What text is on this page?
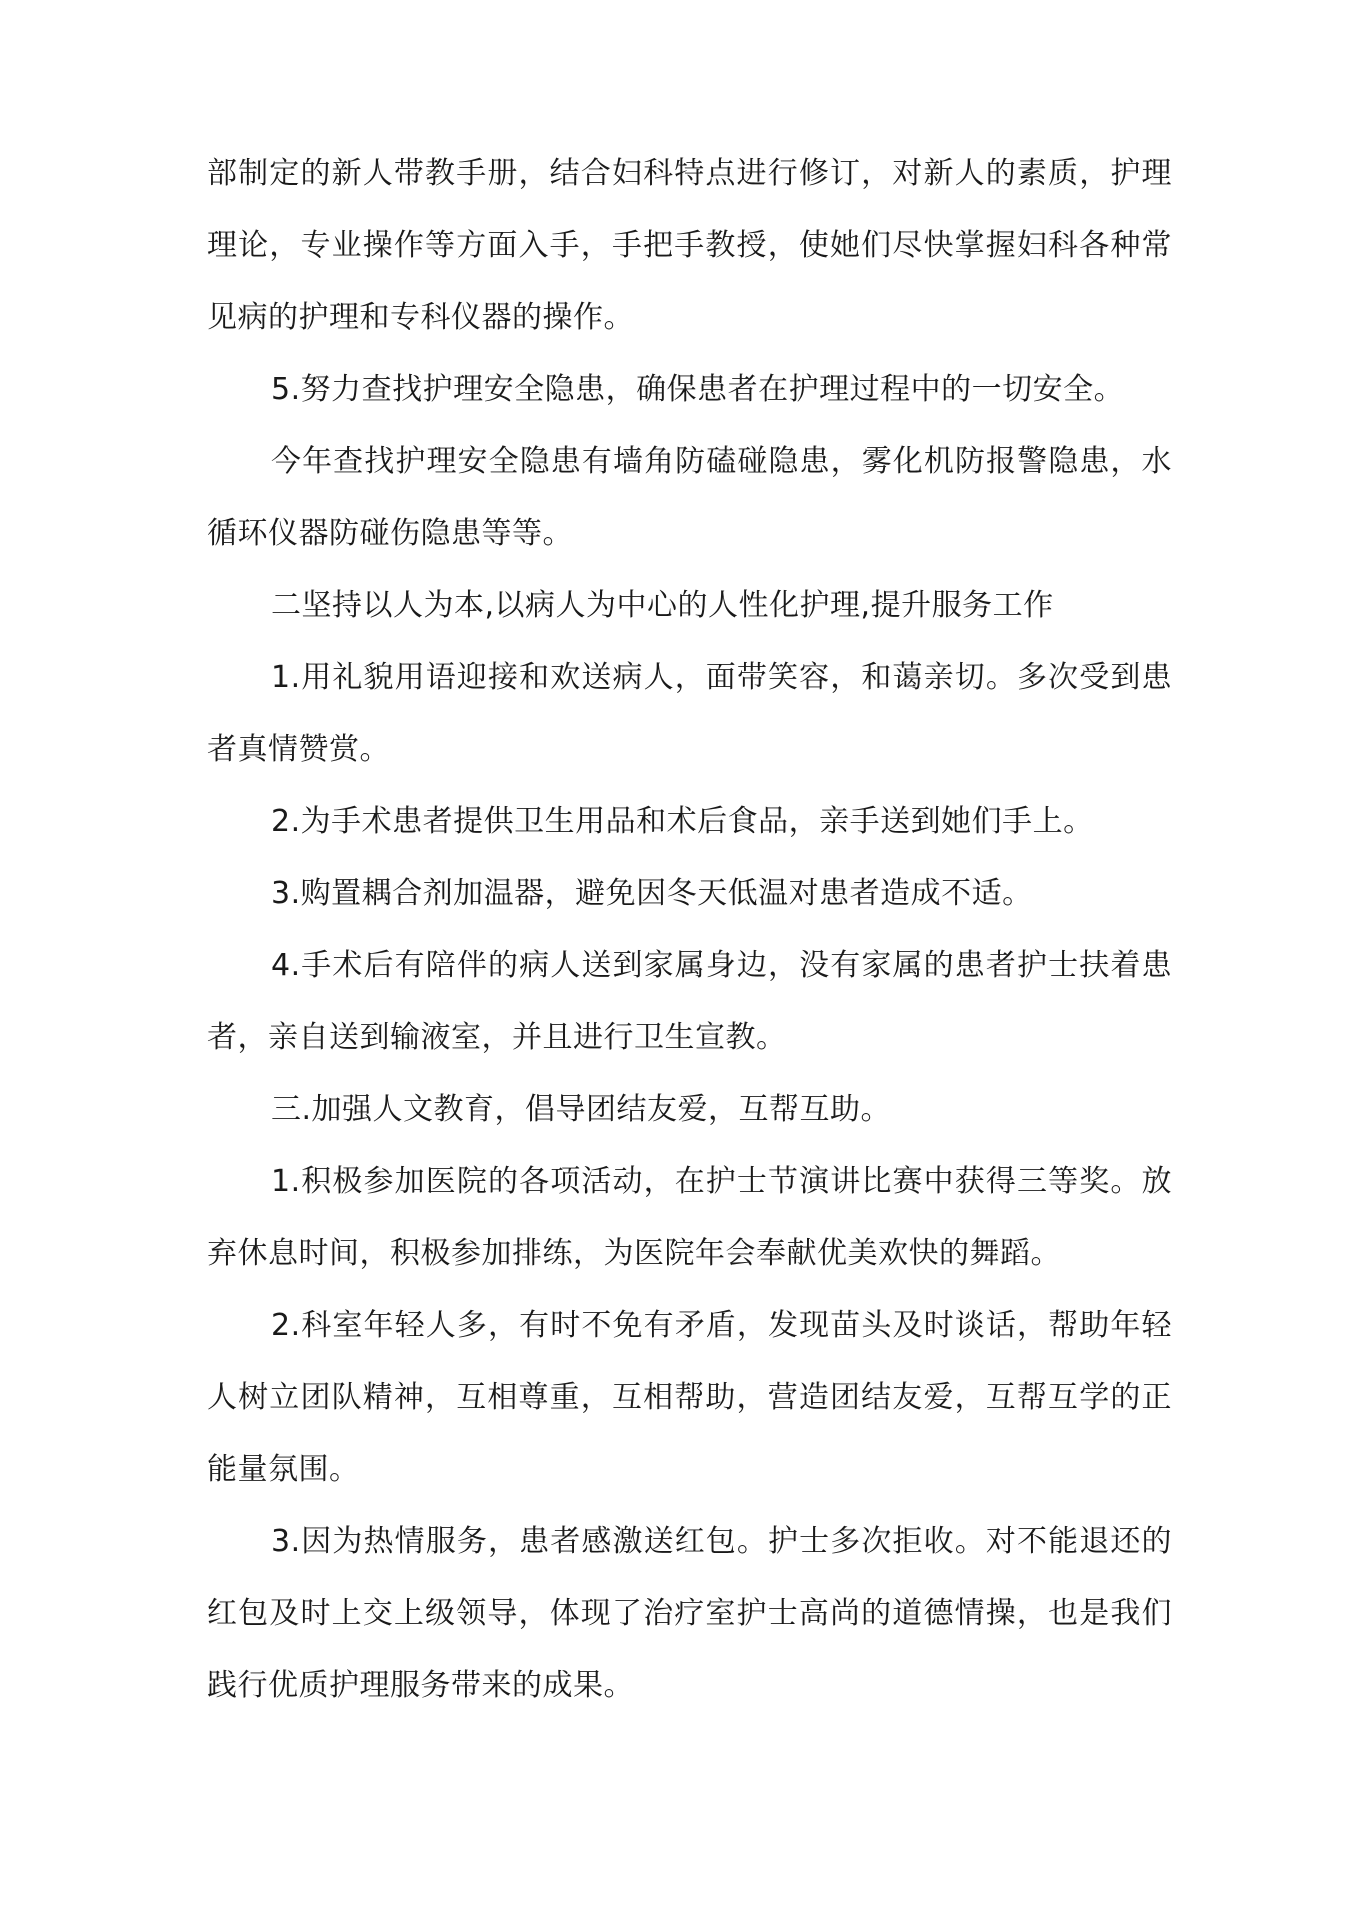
部制定的新人带教手册，结合妇科特点进行修订，对新人的素质，护理理论，专业操作等方面入手，手把手教授，使她们尽快掌握妇科各种常见病的护理和专科仪器的操作。

5.努力查找护理安全隐患，确保患者在护理过程中的一切安全。

今年查找护理安全隐患有墙角防磕碰隐患，雾化机防报警隐患，水循环仪器防碰伤隐患等等。

二坚持以人为本,以病人为中心的人性化护理,提升服务工作

1.用礼貌用语迎接和欢送病人，面带笑容，和蔼亲切。多次受到患者真情赞赏。

2.为手术患者提供卫生用品和术后食品，亲手送到她们手上。

3.购置耦合剂加温器，避免因冬天低温对患者造成不适。

4.手术后有陪伴的病人送到家属身边，没有家属的患者护士扶着患者，亲自送到输液室，并且进行卫生宣教。

三.加强人文教育，倡导团结友爱，互帮互助。

1.积极参加医院的各项活动，在护士节演讲比赛中获得三等奖。放弃休息时间，积极参加排练，为医院年会奉献优美欢快的舞蹈。

2.科室年轻人多，有时不免有矛盾，发现苗头及时谈话，帮助年轻人树立团队精神，互相尊重，互相帮助，营造团结友爱，互帮互学的正能量氛围。

3.因为热情服务，患者感激送红包。护士多次拒收。对不能退还的红包及时上交上级领导，体现了治疗室护士高尚的道德情操，也是我们践行优质护理服务带来的成果。
